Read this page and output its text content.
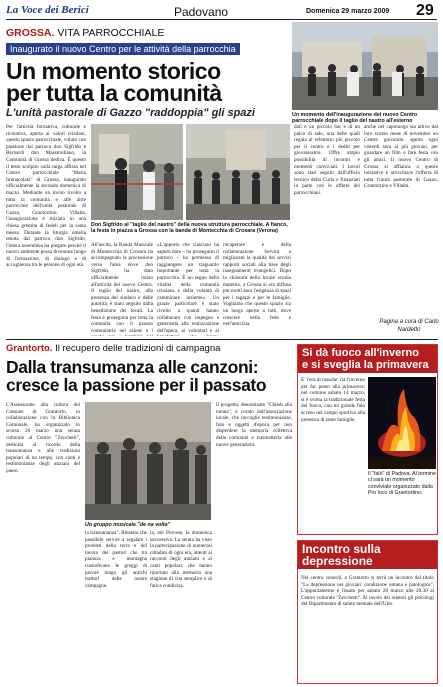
La Voce dei Berici	Padovano	Domenica 29 marzo 2009 29
GROSSA. VITA PARROCCHIALE
Inaugurato il nuovo Centro per le attività della parrocchia
Un momento storico
per tutta la comunità
L'unità pastorale di Gazzo "raddoppia" gli spazi	Un momento dell'inaugurazione del nuovo Centro parrocchiale dopo il taglio del nastro all'esterno
Per l'attività formativa, culturale e ricreativa, aperta ai valori cristiani, questo spazio parrocchiale, voluto con passione dal parroco don Sigfrido e Bernardi don Massimiliano, la Comunità di Grossa dedica. È questo il testo scolpito sulla targa affissa nel Centro parrocchiale "Maria Immacolata" di Grossa, inaugurato ufficialmente la seconda domenica di marzo. Mediante un invito rivolto a tutta la comunità e alle altre parrocchie dell'unità pastorale di Gazzo, Grantortino, Villalta, l'inaugurazione è iniziata in una chiesa gremita di fedeli per la santa messa. Durante la liturgia omelia tenuta dal parroco don Sigfrido, l'intera assemblea ha pregato perché il nuovo ambiente possa diventare luogo di formazione, di dialogo e di accoglienza tra le persone di ogni età.
Don Sigfrido al "taglio del nastro" della nuova struttura parrocchiale. A fianco, la festa in piazza a Grossa con la banda di Montecchia di Crosara (Verona)
All'uscita, la Banda Musicale di Montecchia di Crosara ha accompagnato la processione verso l'area dove don Sigfrido, ha dato ufficialmente inizio all'attività del nuovo Centro. Il taglio del nastro, alla presenza del sindaco e delle autorità, è stato seguito dalla benedizione dei locali. La festa è proseguita per tutta la comunità con il pranzo comunitario nel salone e i
«L'apporto che ciascuno ha saputo dare – ha proseguito il parroco – ha permesso di raggiungere un traguardo importante per tutta la parrocchia. È un segno della vitalità della comunità cristiana e della volontà di camminare insieme». Un grazie particolare è stato rivolto a quanti hanno collaborato con impegno e generosità alla realizzazione dell'opera, ai volontari e ai
recuperare e della collaborazione. Servirà a migliorare la qualità dei servizi rapporti sociali alla base degli insegnamenti evangelici. Dopo la chiusura della locale scuola materna, a Grossa si era diffusa per molti anni l'esigenza di spazi per i ragazzi e per le famiglie. Vogliamo che questo spazio sia un luogo aperto a tutti, dove crescere nella fede e nell'amicizia.
dati e un piccolo bar e di un palco di sale, una delle quali regala al refettorio più piccolo per il centro e i dediti per giovanissimi. Offre ampio possibilità di incontri e momenti conviviali. I lavori sono stati seguiti dall'ufficio tecnico della Curia e finanziati in parte con le offerte dei parrocchiani.
anche nel capoluogo sia attivo dal loro scorso mese di novembre un Centro giovanile, aperto ogni venerdì sera ai più giovani, per guardare un film o fare festa con gli amici. Il nuovo Centro di Grossa si affianca a queste iniziative e arricchisce l'offerta di tutta l'unità pastorale di Gazzo, Grantortino e Villalta.
Pagina a cura di Carlo Nardetto
Grantorto. Il recupero delle tradizioni di campagna
Dalla transumanza alle canzoni:
cresce la passione per il passato
L'Assessorato alla cultura del Comune di Grantorto, in collaborazione con la Biblioteca Comunale, ha organizzato lo scorso 20 marzo una serata culturale al Centro "Zecchetti", dedicata al ricordo della transumanza e alle tradizioni popolari di un tempo, con canti e testimonianze degli anziani del paese.
Un gruppo musicale "de na volta"
la transumanza". Rimasto che possibile servire a regalare i prodotti della terra e del lavoro dei pastori che tra pianura e montagna custodivano le greggi di pecore lungo gli antichi tratturi delle nostre campagne.
la, nel Piovese, la domenica successiva. La serata ha visto la partecipazione di numerosi cittadini di ogni età, attenti ai racconti degli anziani e ai canti popolari, che hanno riportato alla memoria una stagione di vita semplice e di fatica condivisa.
Il progetto, denominato "Chiedi alla nonna", è curato dall'associazione locale, che raccoglie testimonianze, foto e oggetti d'epoca per non disperdere la memoria collettiva della comunità e trasmetterla alle nuove generazioni.
Si dà fuoco all'inverno
e si sveglia la primavera
E' l'ora di mandar via l'inverno per far posto alla primavera: nel comune sabato 14 marzo, si è svolta la tradizionale festa del fuoco, con un grande falò acceso nel campo sportivo alla presenza di tante famiglie.
Il "falò" di Padova. Al termine ci sarà un momento conviviale organizzato dalla Pro loco di Grantortino.
Incontro sulla
depressione
Nel centro venerdì, a Grantorto si terrà un incontro dal titolo "La depressione nei giovani: condizione umana e patologica". L'appuntamento è fissato per sabato 28 marzo alle 20.30 al Centro culturale "Zecchetti". Al tavolo dei relatori gli psicologi del Dipartimento di salute mentale dell'Ulss.
